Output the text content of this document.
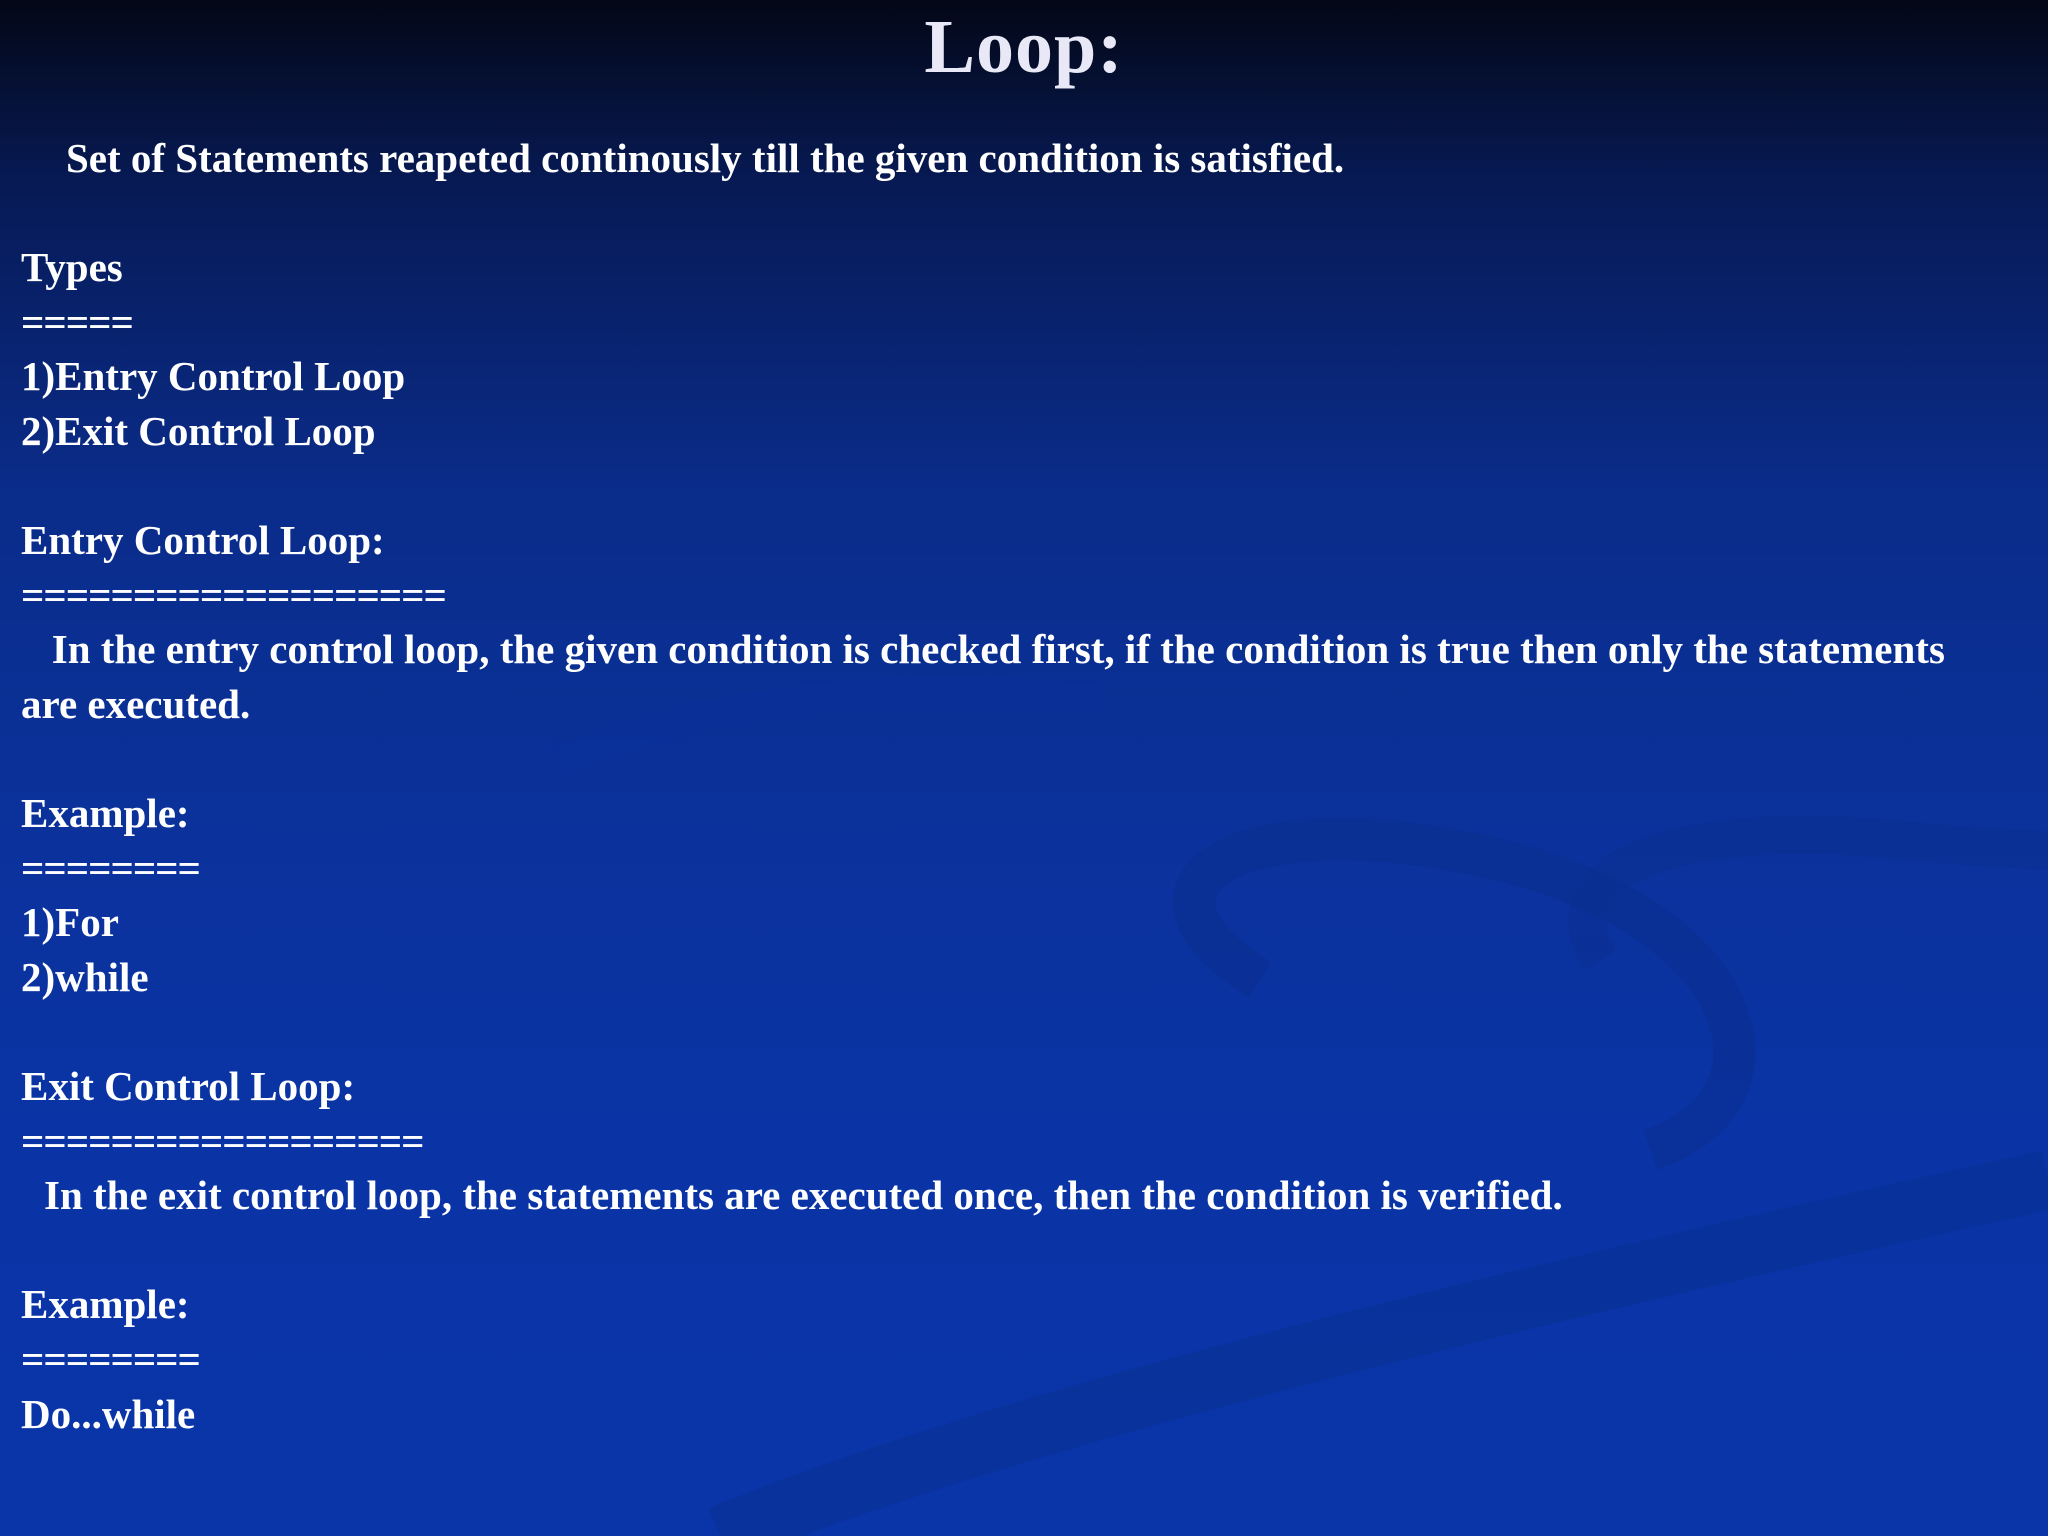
Loop:
Set of Statements reapeted continously till the given condition is satisfied.

Types
=====
1)Entry Control Loop
2)Exit Control Loop

Entry Control Loop:
===================
In the entry control loop, the given condition is checked first, if the condition is true then only the statements are executed.

Example:
========
1)For
2)while

Exit Control Loop:
==================
In the exit control loop, the statements are executed once, then the condition is verified.

Example:
========
Do...while
